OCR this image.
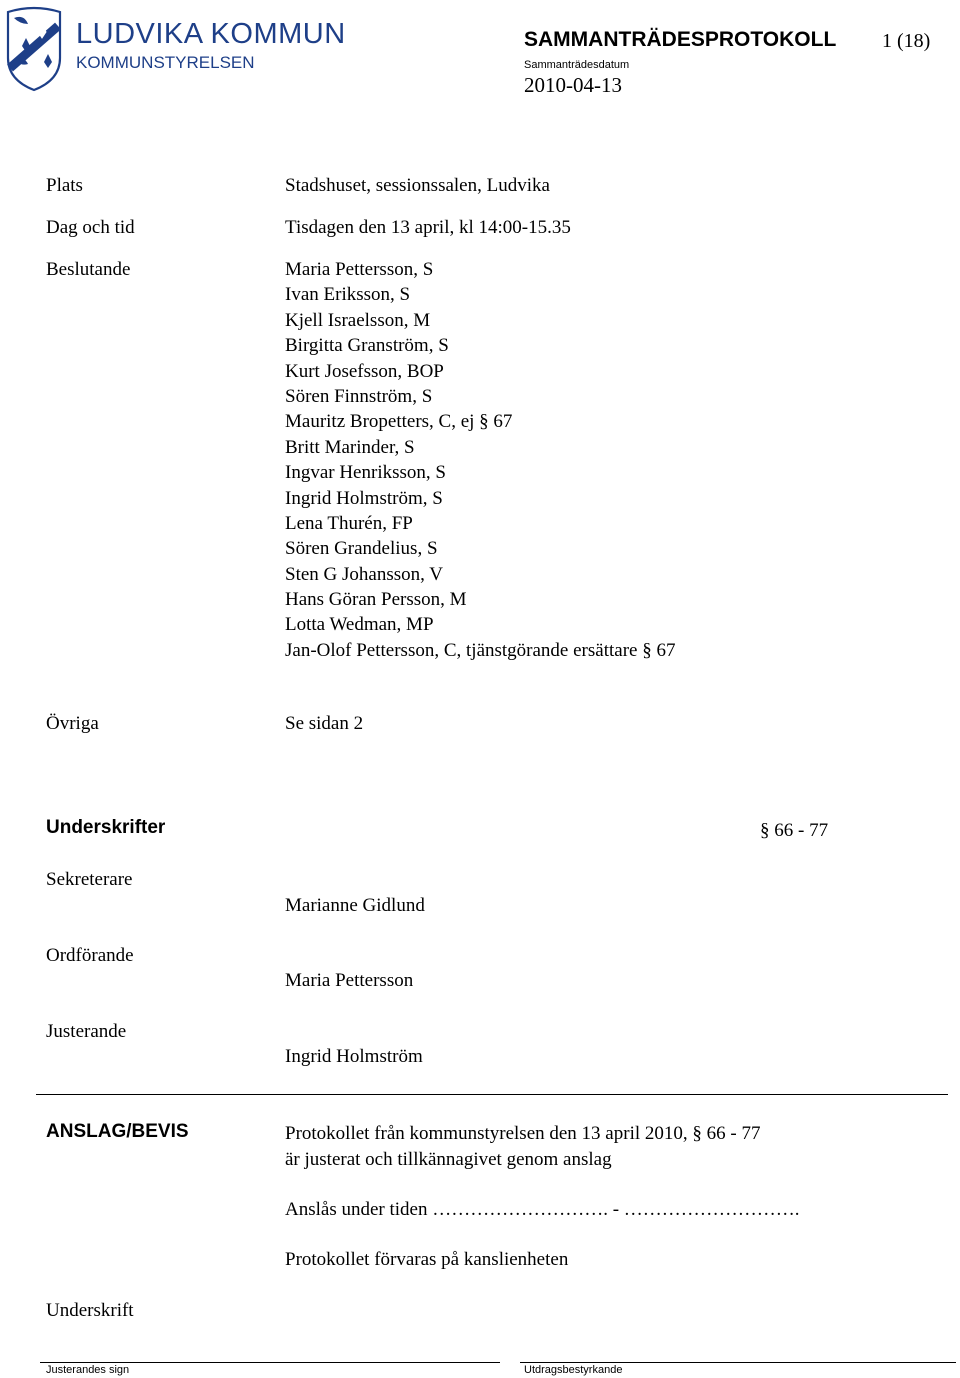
LUDVIKA KOMMUN
KOMMUNSTYRELSEN
SAMMANTRÄDESPROTOKOLL 1 (18)
Sammanträdesdatum
2010-04-13
Plats	Stadshuset, sessionssalen, Ludvika
Dag och tid	Tisdagen den 13 april, kl 14:00-15.35
Beslutande	Maria Pettersson, S
Ivan Eriksson, S
Kjell Israelsson, M
Birgitta Granström, S
Kurt Josefsson, BOP
Sören Finnström, S
Mauritz Bropetters, C, ej § 67
Britt Marinder, S
Ingvar Henriksson, S
Ingrid Holmström, S
Lena Thurén, FP
Sören Grandelius, S
Sten G Johansson, V
Hans Göran Persson, M
Lotta Wedman, MP
Jan-Olof Pettersson, C, tjänstgörande ersättare § 67
Övriga	Se sidan 2
Underskrifter	§ 66 - 77
Sekreterare
Marianne Gidlund
Ordförande
Maria Pettersson
Justerande
Ingrid Holmström
ANSLAG/BEVIS	Protokollet från kommunstyrelsen den 13 april 2010, § 66 - 77
är justerat och tillkännagivet genom anslag
Anslås under tiden ………………………. - ……………………….
Protokollet förvaras på kanslienheten
Underskrift
Justerandes sign	Utdragsbestyrkande
